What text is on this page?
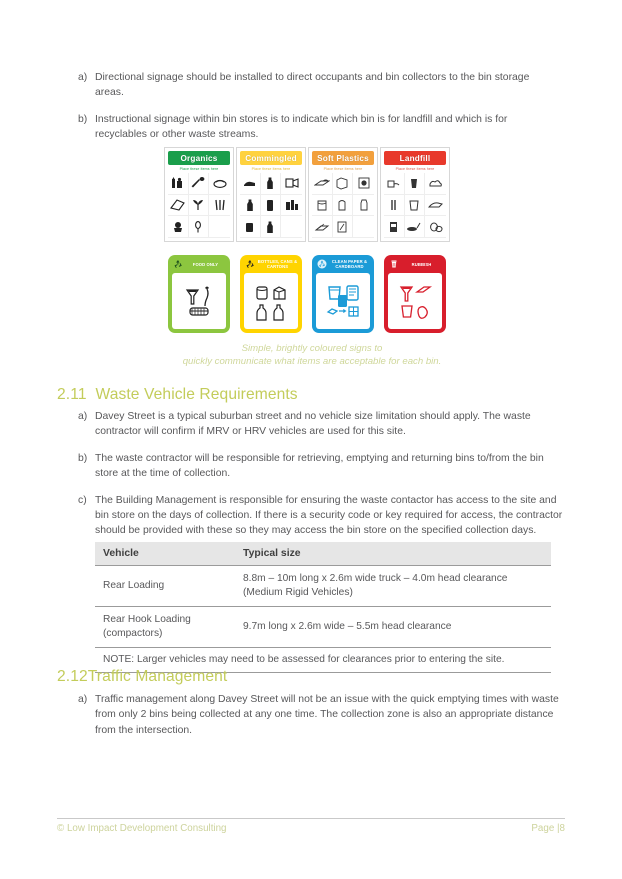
a) Directional signage should be installed to direct occupants and bin collectors to the bin storage areas.
b) Instructional signage within bin stores is to indicate which bin is for landfill and which is for recyclables or other waste streams.
Organics
Place these items here
Commingled
Place these items here
Soft Plastics
Place these items here
Landfill
Place these items here
FOOD ONLY	BOTTLES, CANS & CARTONS
CLEAN PAPER & CARDBOARD	RUBBISH
Simple, brightly coloured signs to
quickly communicate what items are acceptable for each bin.
2.11  Waste Vehicle Requirements
a) Davey Street is a typical suburban street and no vehicle size limitation should apply. The waste contractor will confirm if MRV or HRV vehicles are used for this site.
b) The waste contractor will be responsible for retrieving, emptying and returning bins to/from the bin store at the time of collection.
c) The Building Management is responsible for ensuring the waste contactor has access to the site and bin store on the days of collection. If there is a security code or key required for access, the contractor should be provided with these so they may access the bin store on the specified collection days.
Vehicle	Typical size
Rear Loading	8.8m – 10m long x 2.6m wide truck – 4.0m head clearance (Medium Rigid Vehicles)
Rear Hook Loading (compactors)	9.7m long x 2.6m wide – 5.5m head clearance
NOTE: Larger vehicles may need to be assessed for clearances prior to entering the site.	
2.12Traffic Management
a) Traffic management along Davey Street will not be an issue with the quick emptying times with waste from only 2 bins being collected at any one time. The collection zone is also an appropriate distance from the intersection.
© Low Impact Development Consulting	Page |8
